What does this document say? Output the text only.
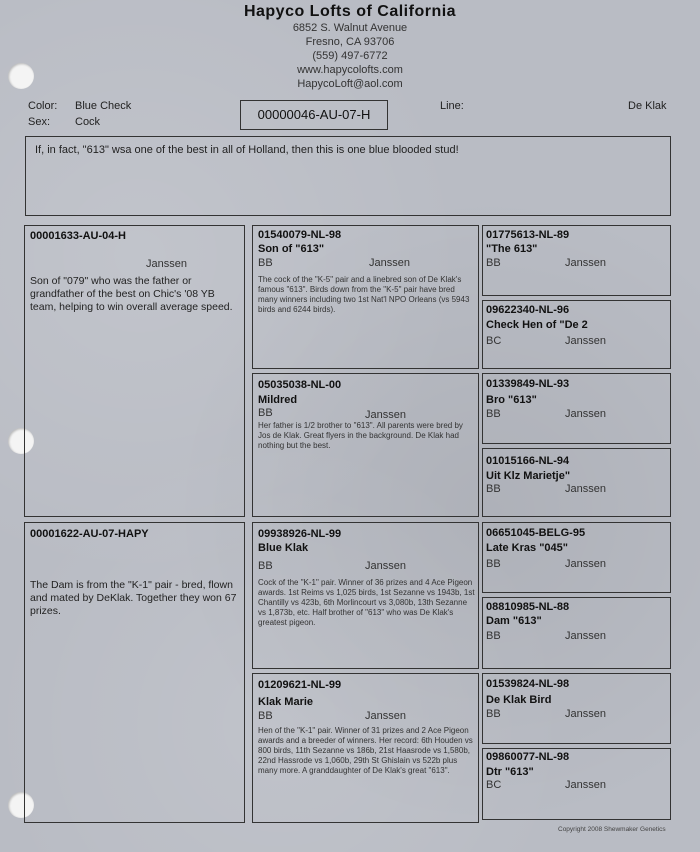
Hapyco Lofts of California
6852 S. Walnut Avenue
Fresno, CA 93706
(559) 497-6772
www.hapycolofts.com
HapycoLoft@aol.com
Color: Blue Check
Sex: Cock	00000046-AU-07-H
Line:	De Klak
If, in fact, "613" wsa one of the best in all of Holland, then this is one blue blooded stud!
00001633-AU-04-H
Janssen
Son of "079" who was the father or grandfather of the best on Chic's '08 YB team, helping to win overall average speed.
00001622-AU-07-HAPY
The Dam is from the "K-1" pair - bred, flown and mated by DeKlak. Together they won 67 prizes.
01540079-NL-98
Son of "613"
BB	Janssen
The cock of the "K-5" pair and a linebred son of De Klak's famous "613". Birds down from the "K-5" pair have bred many winners including two 1st Nat'l NPO Orleans (vs 5943 birds and 6244 birds).
05035038-NL-00
Mildred
BB	Janssen
Her father is 1/2 brother to "613". All parents were bred by Jos de Klak. Great flyers in the background. De Klak had nothing but the best.
09938926-NL-99
Blue Klak
BB	Janssen
Cock of the "K-1" pair. Winner of 36 prizes and 4 Ace Pigeon awards. 1st Reims vs 1,025 birds, 1st Sezanne vs 1943b, 1st Chantilly vs 423b, 6th Morlincourt vs 3,080b, 13th Sezanne vs 1,873b, etc. Half brother of "613" who was De Klak's greatest pigeon.
01209621-NL-99
Klak Marie
BB	Janssen
Hen of the "K-1" pair. Winner of 31 prizes and 2 Ace Pigeon awards and a breeder of winners. Her record: 6th Houden vs 800 birds, 11th Sezanne vs 186b, 21st Haasrode vs 1,580b, 22nd Hassrode vs 1,060b, 29th St Ghislain vs 522b plus many more. A granddaughter of De Klak's great "613".
01775613-NL-89
"The 613"
BB	Janssen
09622340-NL-96
Check Hen of "De 2
BC	Janssen
01339849-NL-93
Bro "613"
BB	Janssen
01015166-NL-94
Uit Klz Marietje"
BB	Janssen
06651045-BELG-95
Late Kras "045"
BB	Janssen
08810985-NL-88
Dam "613"
BB	Janssen
01539824-NL-98
De Klak Bird
BB	Janssen
09860077-NL-98
Dtr "613"
BC	Janssen
Copyright 2008 Shewmaker Genetics
